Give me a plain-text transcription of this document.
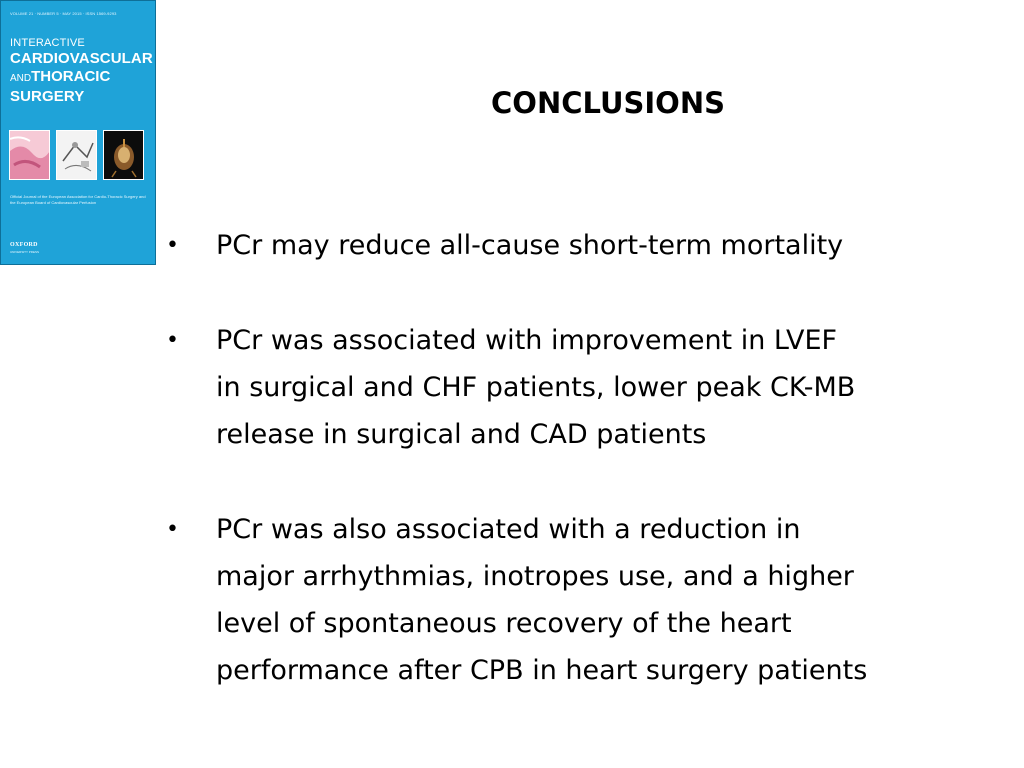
VOLUME 21 · NUMBER 5 · MAY 2015 · ISSN 1569-9293
INTERACTIVE
CARDIOVASCULAR
ANDTHORACIC
SURGERY
Official Journal of the European Association for Cardio-Thoracic Surgery and the European Board of Cardiovascular Perfusion
OXFORD
UNIVERSITY PRESS
CONCLUSIONS
• PCr may reduce all-cause short-term mortality
• PCr was associated with improvement in LVEF
in surgical and CHF patients, lower peak CK-MB
release in surgical and CAD patients
• PCr was also associated with a reduction in
major arrhythmias, inotropes use, and a higher
level of spontaneous recovery of the heart
performance after CPB in heart surgery patients
